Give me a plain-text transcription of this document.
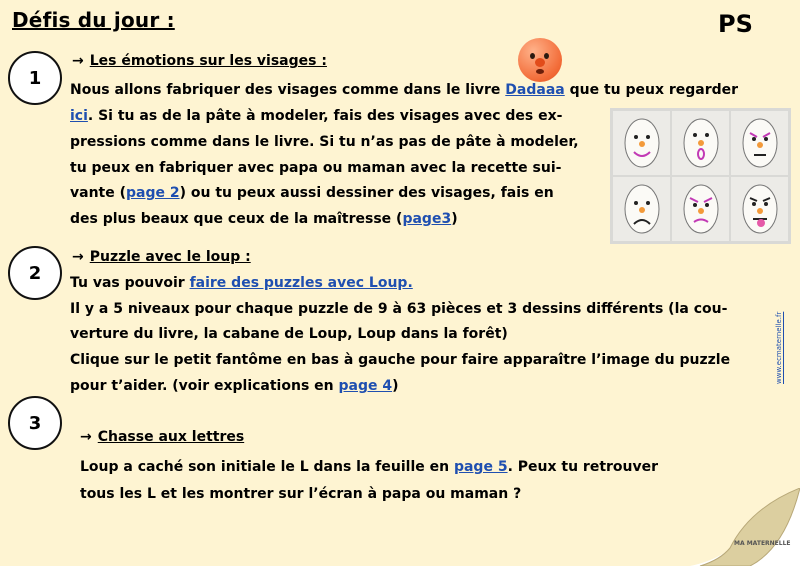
Défis du jour :	PS
1
→ Les émotions sur les visages :
Nous allons fabriquer des visages comme dans le livre Dadaaa que tu peux regarder
ici. Si tu as de la pâte à modeler, fais des visages avec des ex-
pressions comme dans le livre. Si tu n’as pas de pâte à modeler,
tu peux en fabriquer avec papa ou maman avec la recette sui-
vante (page 2) ou tu peux aussi dessiner des visages, fais en
des plus beaux que ceux de la maîtresse (page3)
2
→ Puzzle avec le loup :
Tu vas pouvoir faire des puzzles avec Loup.
Il y a 5 niveaux pour chaque puzzle de 9 à 63 pièces et 3 dessins différents (la cou-
verture du livre, la cabane de Loup, Loup dans la forêt)
Clique sur le petit fantôme en bas à gauche pour faire apparaître l’image du puzzle
pour t’aider. (voir explications en page 4)
3
→ Chasse aux lettres
Loup a caché son initiale le L dans la feuille en page 5. Peux tu retrouver
tous les L et les montrer sur l’écran à papa ou maman ?
www.ecmaternelle.fr
MA MATERNELLE
